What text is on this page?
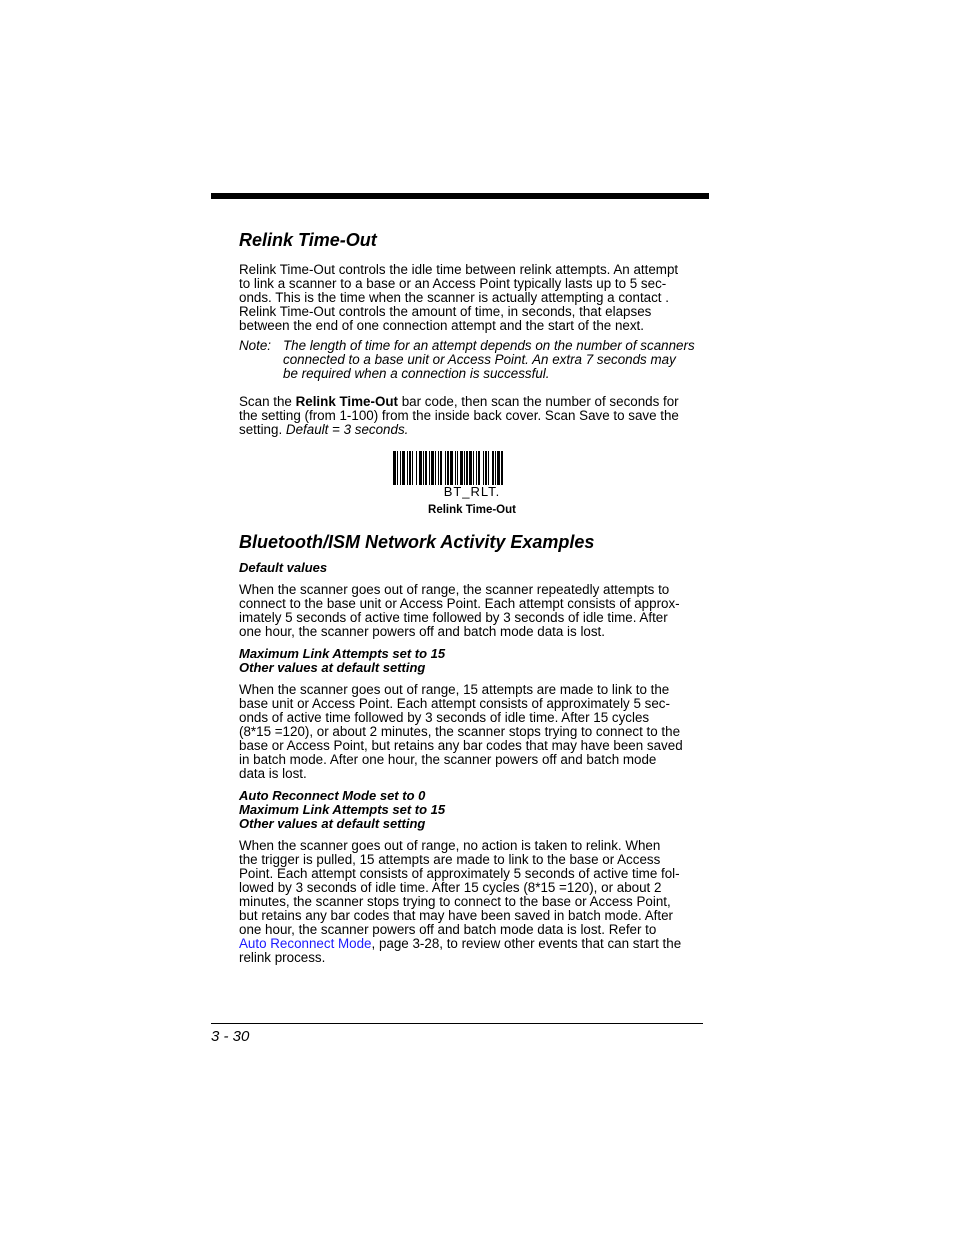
Relink Time-Out

Relink Time-Out controls the idle time between relink attempts. An attempt
to link a scanner to a base or an Access Point typically lasts up to 5 sec-
onds. This is the time when the scanner is actually attempting a contact .
Relink Time-Out controls the amount of time, in seconds, that elapses
between the end of one connection attempt and the start of the next.

Note: The length of time for an attempt depends on the number of scanners
connected to a base unit or Access Point. An extra 7 seconds may
be required when a connection is successful.

Scan the Relink Time-Out bar code, then scan the number of seconds for
the setting (from 1-100) from the inside back cover. Scan Save to save the
setting. Default = 3 seconds.

BT_RLT.
Relink Time-Out
Bluetooth/ISM Network Activity Examples
Default values

When the scanner goes out of range, the scanner repeatedly attempts to
connect to the base unit or Access Point. Each attempt consists of approx-
imately 5 seconds of active time followed by 3 seconds of idle time. After
one hour, the scanner powers off and batch mode data is lost.

Maximum Link Attempts set to 15
Other values at default setting

When the scanner goes out of range, 15 attempts are made to link to the
base unit or Access Point. Each attempt consists of approximately 5 sec-
onds of active time followed by 3 seconds of idle time. After 15 cycles
(8*15 =120), or about 2 minutes, the scanner stops trying to connect to the
base or Access Point, but retains any bar codes that may have been saved
in batch mode. After one hour, the scanner powers off and batch mode
data is lost.

Auto Reconnect Mode set to 0
Maximum Link Attempts set to 15
Other values at default setting

When the scanner goes out of range, no action is taken to relink. When
the trigger is pulled, 15 attempts are made to link to the base or Access
Point. Each attempt consists of approximately 5 seconds of active time fol-
lowed by 3 seconds of idle time. After 15 cycles (8*15 =120), or about 2
minutes, the scanner stops trying to connect to the base or Access Point,
but retains any bar codes that may have been saved in batch mode. After
one hour, the scanner powers off and batch mode data is lost. Refer to
Auto Reconnect Mode, page 3-28, to review other events that can start the
relink process.

3 - 30
